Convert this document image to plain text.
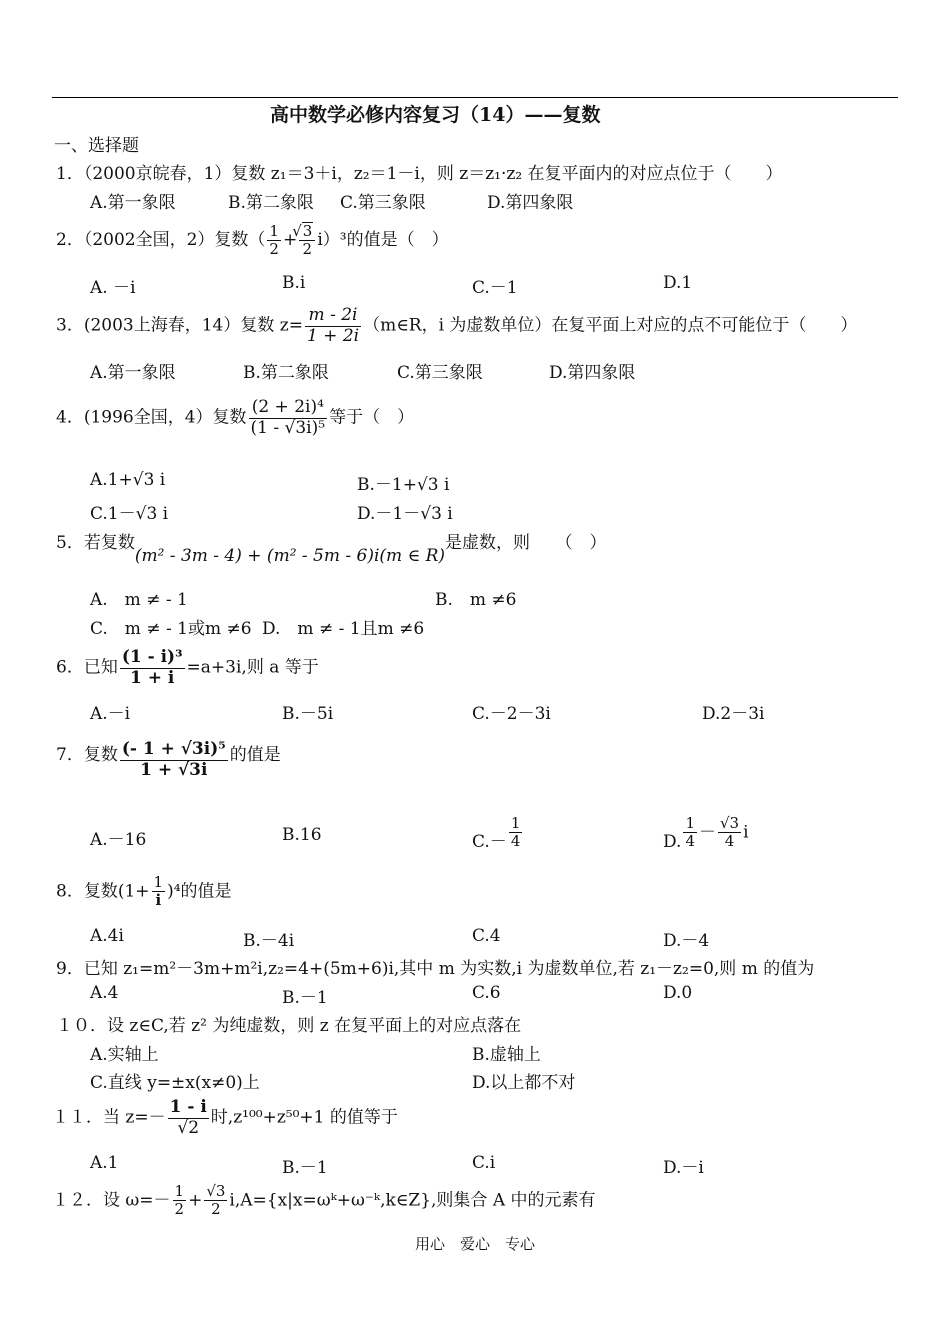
高中数学必修内容复习（14）——复数
一、选择题
1．（2000京皖春，1）复数 z₁＝3＋i，z₂＝1－i，则 z＝z₁·z₂ 在复平面内的对应点位于（　　）
A.第一象限	B.第二象限 C.第三象限	D.第四象限
2．（2002全国，2）复数（ $\frac{1}{2}$ +
√ $\frac{3}{2} i)^3$的值是（　）
A. －i	B.i	C.－1	D.1
3．(2003上海春，14）复数 $z= \frac{m - 2i}{1 + 2i}$ （m∈R，i 为虚数单位）在复平面上对应的点不可能位于（　　）
A.第一象限	B.第二象限	C.第三象限	D.第四象限
4．(1996全国，4）复数 $\frac{\text{(2 + 2i)⁴}}{\text{(1 - √3i)⁵}}$ 等于（　）
A.1+√3 i	B.－1+√3 i
C.1－√3 i	D.－1－√3 i
5．若复数(m² - 3m - 4) + (m² - 5m - 6)i(m ∈ R)是虚数，则　　（　）
A.　m ≠ - 1	B.　m ≠6
C.　m ≠ - 1或m ≠6 D.　m ≠ - 1且m ≠6
6．已知 $\frac{\text{(1 - i)³}}{1 + i} =a+3i$,则 a 等于
A.－i	B.－5i	C.－2－3i	D.2－3i
7．复数 $\frac{\text{(- 1 + √3i)⁵}}{1 + √3i}$ 的值是
A.－16	B.16	$C.- \frac{1}{4}$	D. $\frac{1}{4} - \frac{√3}{4}$ i
8．复数$(1+ \frac{1}{i} )^4$的值是
A.4i	B.－4i	C.4	D.－4
9．已知 z₁=m²－3m+m²i,z₂=4+(5m+6)i,其中 m 为实数,i 为虚数单位,若 z₁－z₂=0,则 m 的值为
A.4	B.－1	C.6	D.0
１０．设 z∈C,若 z² 为纯虚数，则 z 在复平面上的对应点落在
A.实轴上	B.虚轴上
C.直线 y=±x(x≠0)上	D.以上都不对
１１．当 $z=- \frac{1 - i}{√2}$ 时,z¹⁰⁰+z⁵⁰+1 的值等于
A.1	B.－1	C.i	D.－i
１２．设 $\omega=- \frac{1}{2} + \frac{√3}{2}$ i,A={x|x=ωᵏ+ω⁻ᵏ,k∈Z},则集合 A 中的元素有
用心　爱心　专心
